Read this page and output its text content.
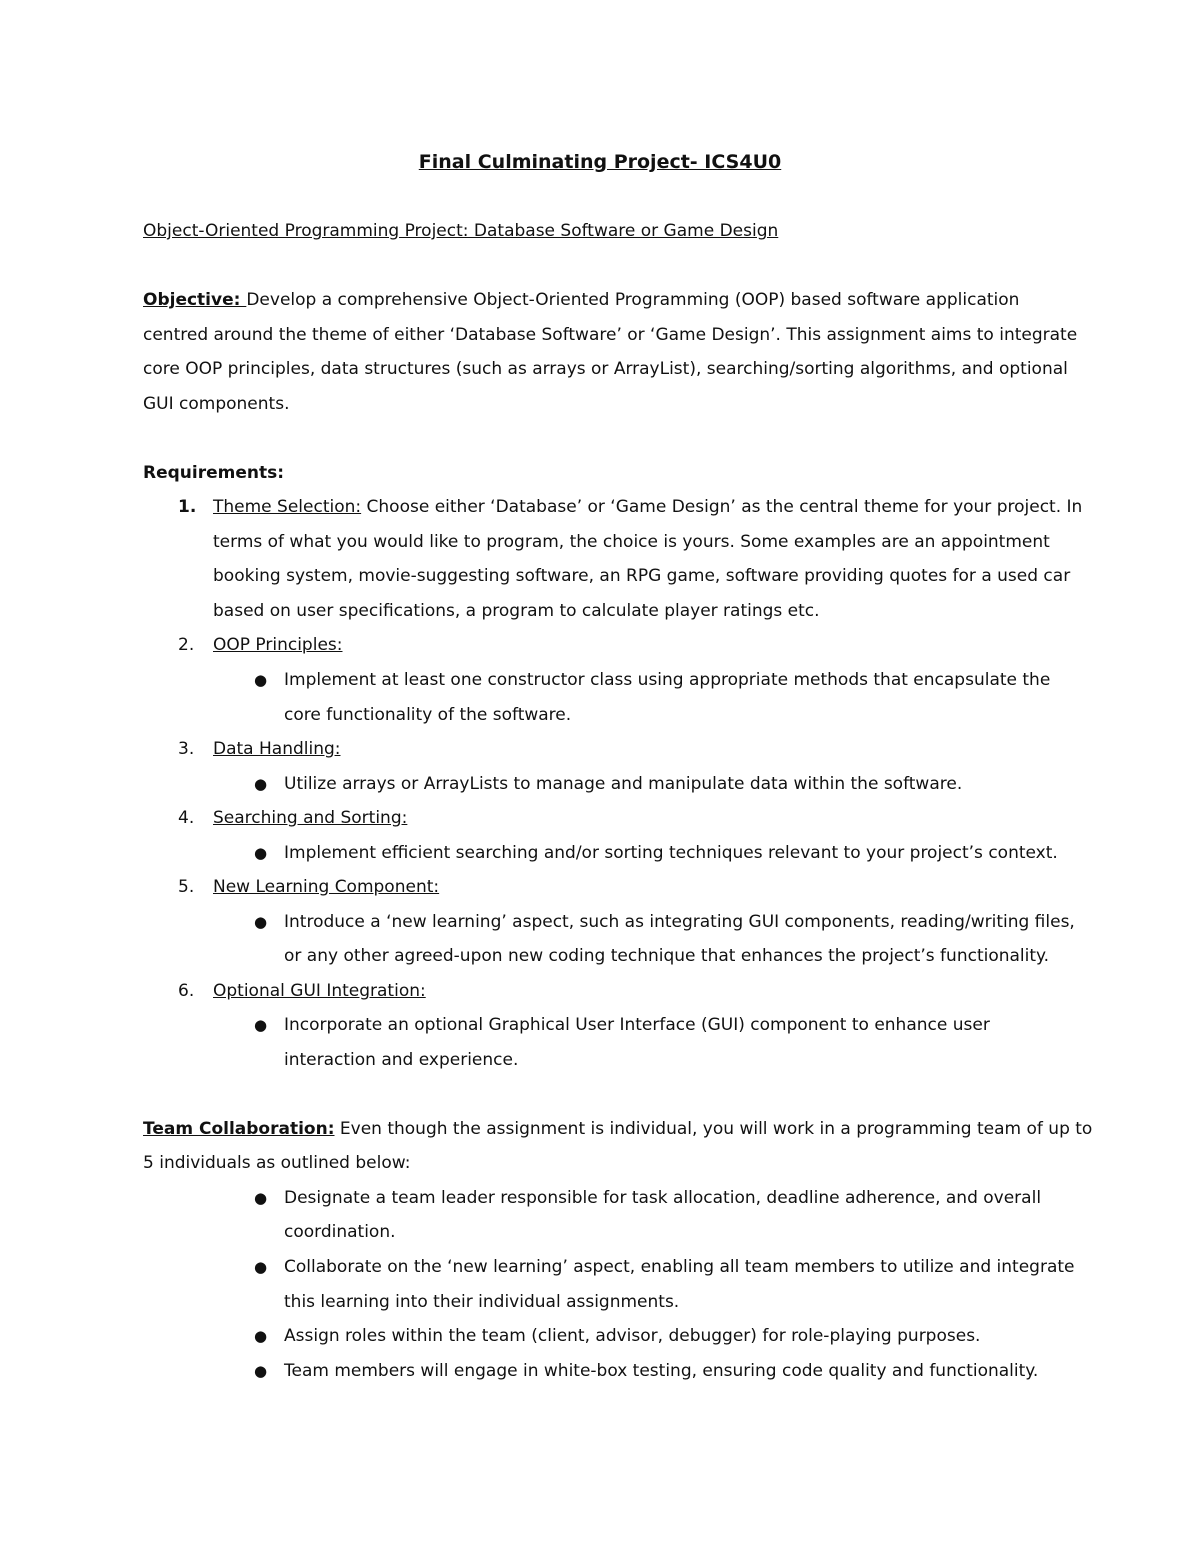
Final Culminating Project- ICS4U0
Object-Oriented Programming Project: Database Software or Game Design
Objective: Develop a comprehensive Object-Oriented Programming (OOP) based software application
centred around the theme of either ‘Database Software’ or ‘Game Design’. This assignment aims to integrate
core OOP principles, data structures (such as arrays or ArrayList), searching/sorting algorithms, and optional
GUI components.
Requirements:
1. Theme Selection: Choose either ‘Database’ or ‘Game Design’ as the central theme for your project. In
terms of what you would like to program, the choice is yours. Some examples are an appointment
booking system, movie-suggesting software, an RPG game, software providing quotes for a used car
based on user specifications, a program to calculate player ratings etc.
2. OOP Principles:
● Implement at least one constructor class using appropriate methods that encapsulate the
core functionality of the software.
3. Data Handling:
● Utilize arrays or ArrayLists to manage and manipulate data within the software.
4. Searching and Sorting:
● Implement efficient searching and/or sorting techniques relevant to your project’s context.
5. New Learning Component:
● Introduce a ‘new learning’ aspect, such as integrating GUI components, reading/writing files,
or any other agreed-upon new coding technique that enhances the project’s functionality.
6. Optional GUI Integration:
● Incorporate an optional Graphical User Interface (GUI) component to enhance user
interaction and experience.
Team Collaboration: Even though the assignment is individual, you will work in a programming team of up to
5 individuals as outlined below:
● Designate a team leader responsible for task allocation, deadline adherence, and overall
coordination.
● Collaborate on the ‘new learning’ aspect, enabling all team members to utilize and integrate
this learning into their individual assignments.
● Assign roles within the team (client, advisor, debugger) for role-playing purposes.
● Team members will engage in white-box testing, ensuring code quality and functionality.
